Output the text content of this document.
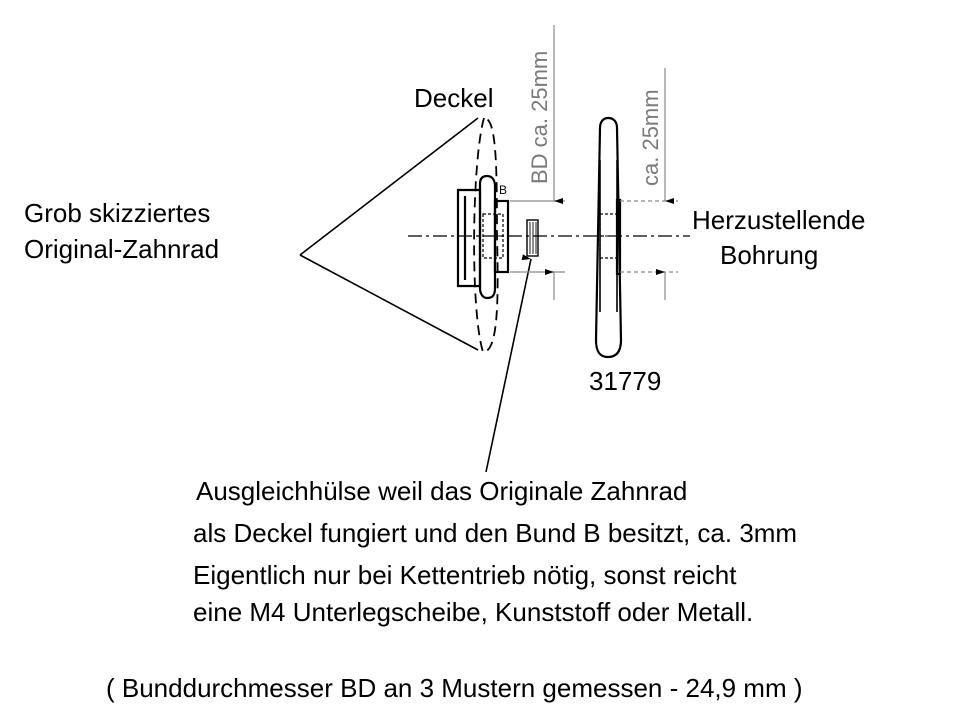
Deckel
Grob skizziertes
Original-Zahnrad
B
BD ca. 25mm	ca. 25mm
Herzustellende
Bohrung
31779
Ausgleichhülse weil das Originale Zahnrad
als Deckel fungiert und den Bund B besitzt, ca. 3mm
Eigentlich nur bei Kettentrieb nötig, sonst reicht
eine M4 Unterlegscheibe, Kunststoff oder Metall.
( Bunddurchmesser BD an 3 Mustern gemessen - 24,9 mm )
